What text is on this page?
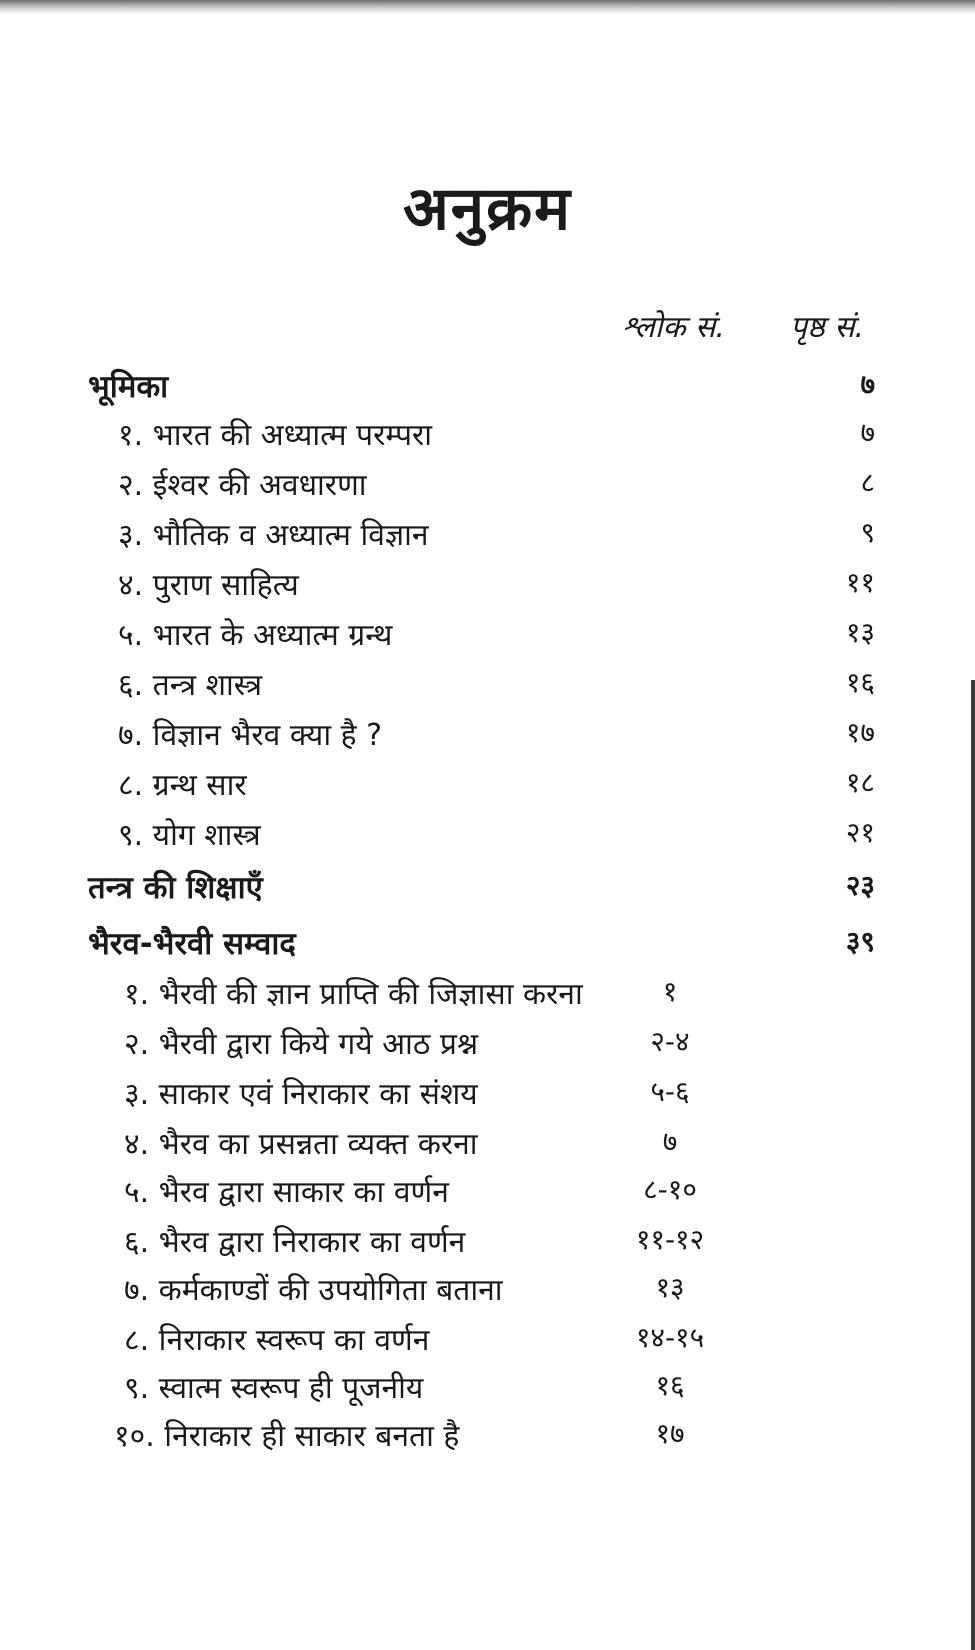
अनुक्रम
श्लोक सं. पृष्ठ सं.
भूमिका	७
१. भारत की अध्यात्म परम्परा	७
२. ईश्वर की अवधारणा	८
३. भौतिक व अध्यात्म विज्ञान	९
४. पुराण साहित्य	११
५. भारत के अध्यात्म ग्रन्थ	१३
६. तन्त्र शास्त्र	१६
७. विज्ञान भैरव क्या है ?	१७
८. ग्रन्थ सार	१८
९. योग शास्त्र	२१
तन्त्र की शिक्षाएँ	२३
भैरव-भैरवी सम्वाद	३९
१. भैरवी की ज्ञान प्राप्ति की जिज्ञासा करना	१
२. भैरवी द्वारा किये गये आठ प्रश्न	२-४
३. साकार एवं निराकार का संशय	५-६
४. भैरव का प्रसन्नता व्यक्त करना	७
५. भैरव द्वारा साकार का वर्णन	८-१०
६. भैरव द्वारा निराकार का वर्णन	११-१२
७. कर्मकाण्डों की उपयोगिता बताना	१३
८. निराकार स्वरूप का वर्णन	१४-१५
९. स्वात्म स्वरूप ही पूजनीय	१६
१०. निराकार ही साकार बनता है	१७
